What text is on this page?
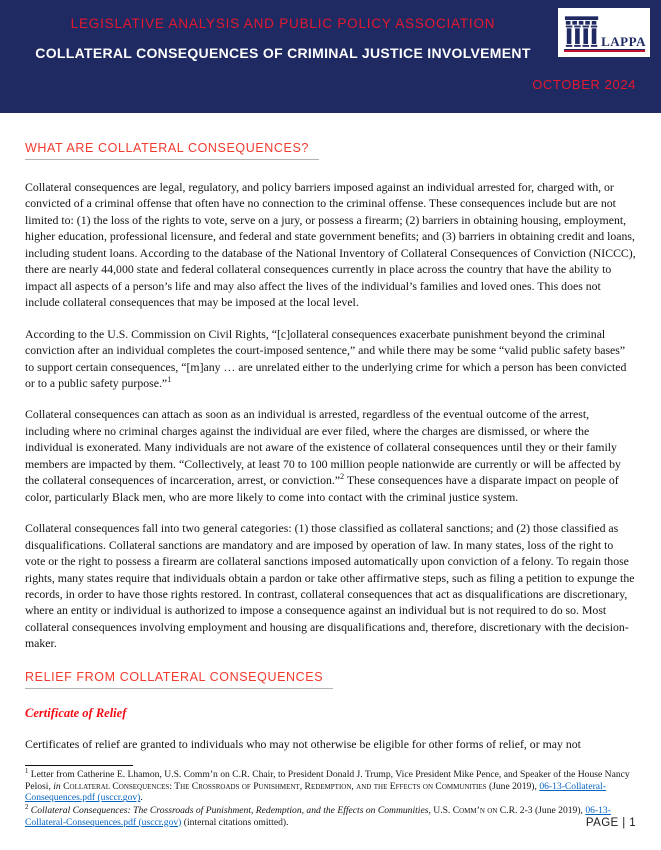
LEGISLATIVE ANALYSIS AND PUBLIC POLICY ASSOCIATION
COLLATERAL CONSEQUENCES OF CRIMINAL JUSTICE INVOLVEMENT
OCTOBER 2024
LAPPA
WHAT ARE COLLATERAL CONSEQUENCES?

Collateral consequences are legal, regulatory, and policy barriers imposed against an individual arrested for, charged with, or convicted of a criminal offense that often have no connection to the criminal offense. These consequences include but are not limited to: (1) the loss of the rights to vote, serve on a jury, or possess a firearm; (2) barriers in obtaining housing, employment, higher education, professional licensure, and federal and state government benefits; and (3) barriers in obtaining credit and loans, including student loans. According to the database of the National Inventory of Collateral Consequences of Conviction (NICCC), there are nearly 44,000 state and federal collateral consequences currently in place across the country that have the ability to impact all aspects of a person’s life and may also affect the lives of the individual’s families and loved ones. This does not include collateral consequences that may be imposed at the local level.

According to the U.S. Commission on Civil Rights, “[c]ollateral consequences exacerbate punishment beyond the criminal conviction after an individual completes the court-imposed sentence,” and while there may be some “valid public safety bases” to support certain consequences, “[m]any … are unrelated either to the underlying crime for which a person has been convicted or to a public safety purpose.”$^1$

Collateral consequences can attach as soon as an individual is arrested, regardless of the eventual outcome of the arrest, including where no criminal charges against the individual are ever filed, where the charges are dismissed, or where the individual is exonerated. Many individuals are not aware of the existence of collateral consequences until they or their family members are impacted by them. “Collectively, at least 70 to 100 million people nationwide are currently or will be affected by the collateral consequences of incarceration, arrest, or conviction.”$^2$ These consequences have a disparate impact on people of color, particularly Black men, who are more likely to come into contact with the criminal justice system.

Collateral consequences fall into two general categories: (1) those classified as collateral sanctions; and (2) those classified as disqualifications. Collateral sanctions are mandatory and are imposed by operation of law. In many states, loss of the right to vote or the right to possess a firearm are collateral sanctions imposed automatically upon conviction of a felony. To regain those rights, many states require that individuals obtain a pardon or take other affirmative steps, such as filing a petition to expunge the records, in order to have those rights restored. In contrast, collateral consequences that act as disqualifications are discretionary, where an entity or individual is authorized to impose a consequence against an individual but is not required to do so. Most collateral consequences involving employment and housing are disqualifications and, therefore, discretionary with the decision-maker.

RELIEF FROM COLLATERAL CONSEQUENCES
Certificate of Relief

Certificates of relief are granted to individuals who may not otherwise be eligible for other forms of relief, or may not

$^1$ Letter from Catherine E. Lhamon, U.S. Comm’n on C.R. Chair, to President Donald J. Trump, Vice President Mike Pence, and Speaker of the House Nancy Pelosi, in Collateral Consequences: The Crossroads of Punishment, Redemption, and the Effects on Communities (June 2019), 06-13-Collateral-Consequences.pdf (usccr.gov).

$^2$ Collateral Consequences: The Crossroads of Punishment, Redemption, and the Effects on Communities, U.S. Comm’n on C.R. 2-3 (June 2019), 06-13-Collateral-Consequences.pdf (usccr.gov) (internal citations omitted).	PAGE | 1
